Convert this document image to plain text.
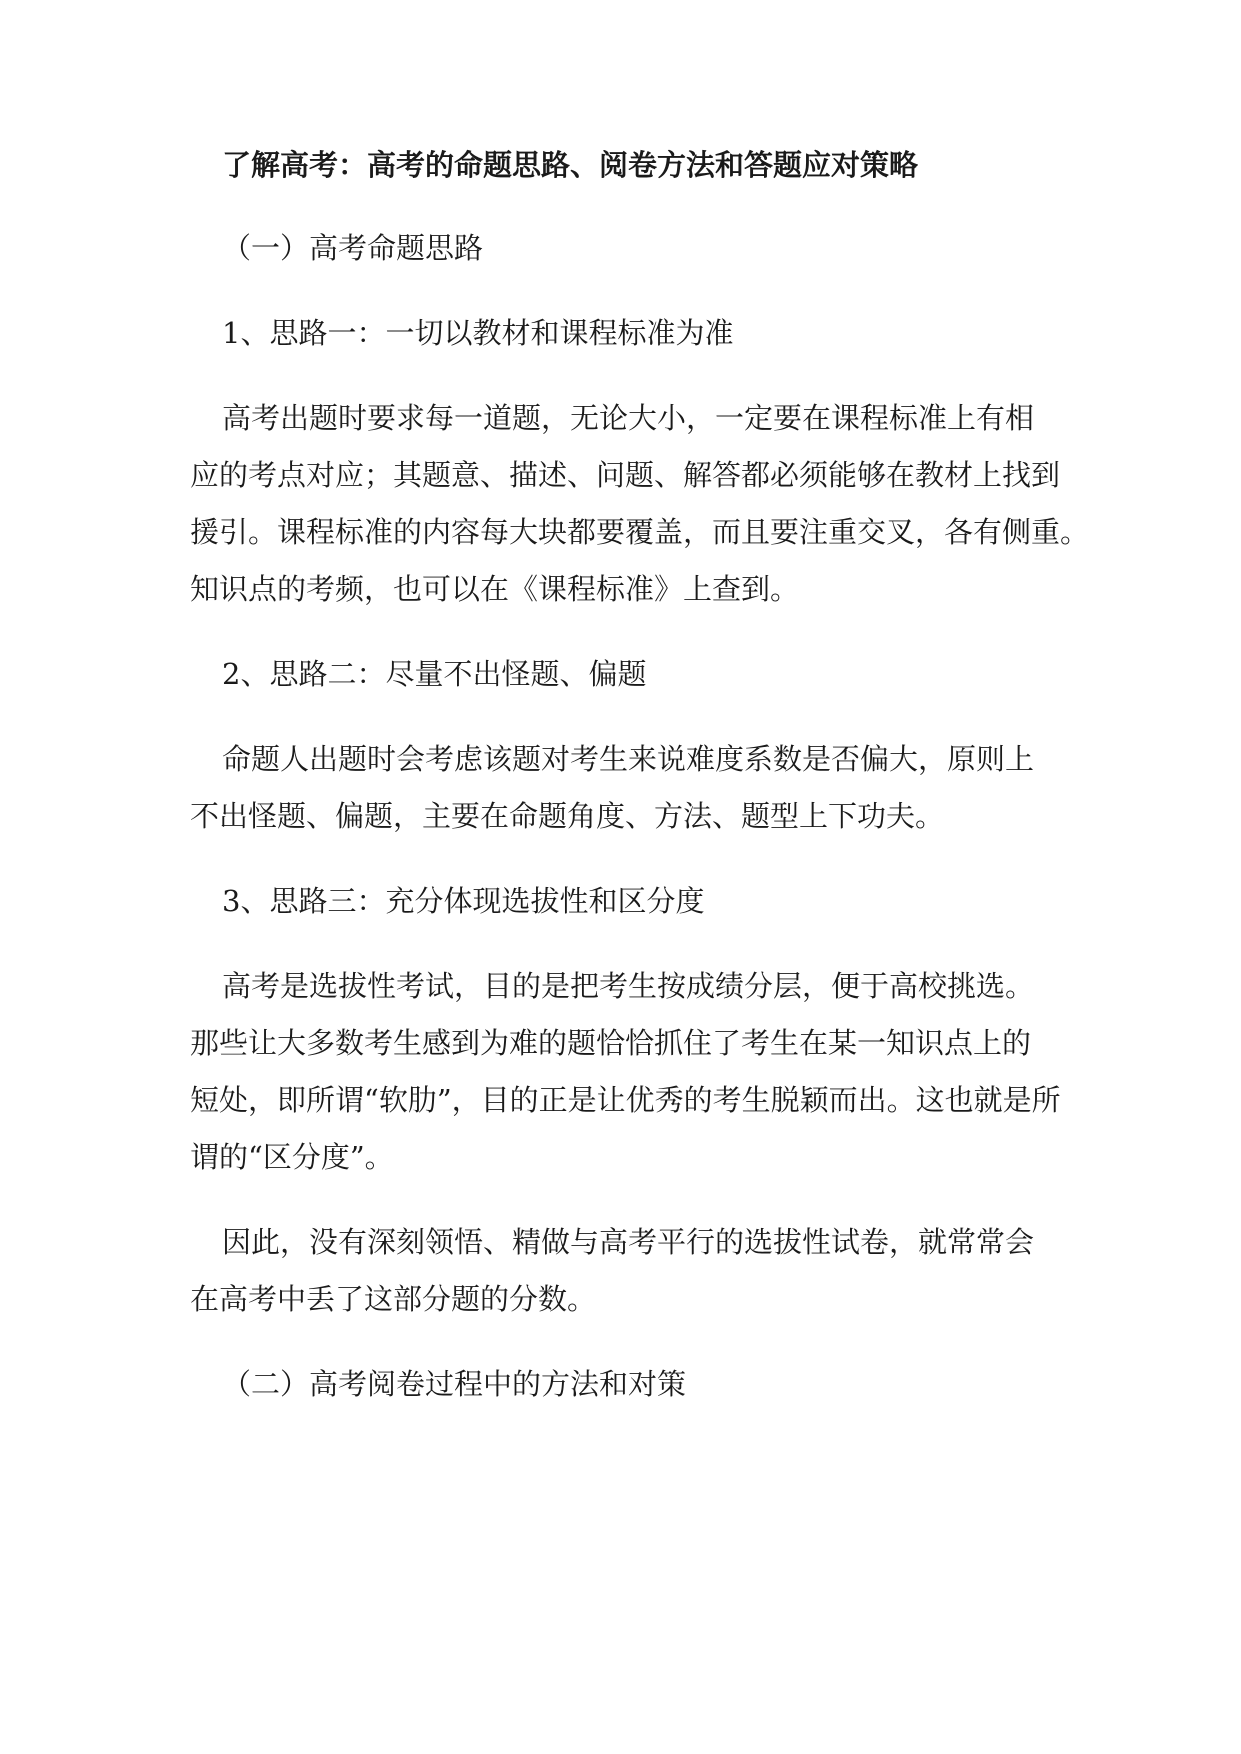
了解高考：高考的命题思路、阅卷方法和答题应对策略
（一）高考命题思路
1、思路一：一切以教材和课程标准为准
高考出题时要求每一道题，无论大小，一定要在课程标准上有相
应的考点对应；其题意、描述、问题、解答都必须能够在教材上找到
援引。课程标准的内容每大块都要覆盖，而且要注重交叉，各有侧重。
知识点的考频，也可以在《课程标准》上查到。
2、思路二：尽量不出怪题、偏题
命题人出题时会考虑该题对考生来说难度系数是否偏大，原则上
不出怪题、偏题，主要在命题角度、方法、题型上下功夫。
3、思路三：充分体现选拔性和区分度
高考是选拔性考试，目的是把考生按成绩分层，便于高校挑选。
那些让大多数考生感到为难的题恰恰抓住了考生在某一知识点上的
短处，即所谓“软肋”，目的正是让优秀的考生脱颖而出。这也就是所
谓的“区分度”。
因此，没有深刻领悟、精做与高考平行的选拔性试卷，就常常会
在高考中丢了这部分题的分数。
（二）高考阅卷过程中的方法和对策
